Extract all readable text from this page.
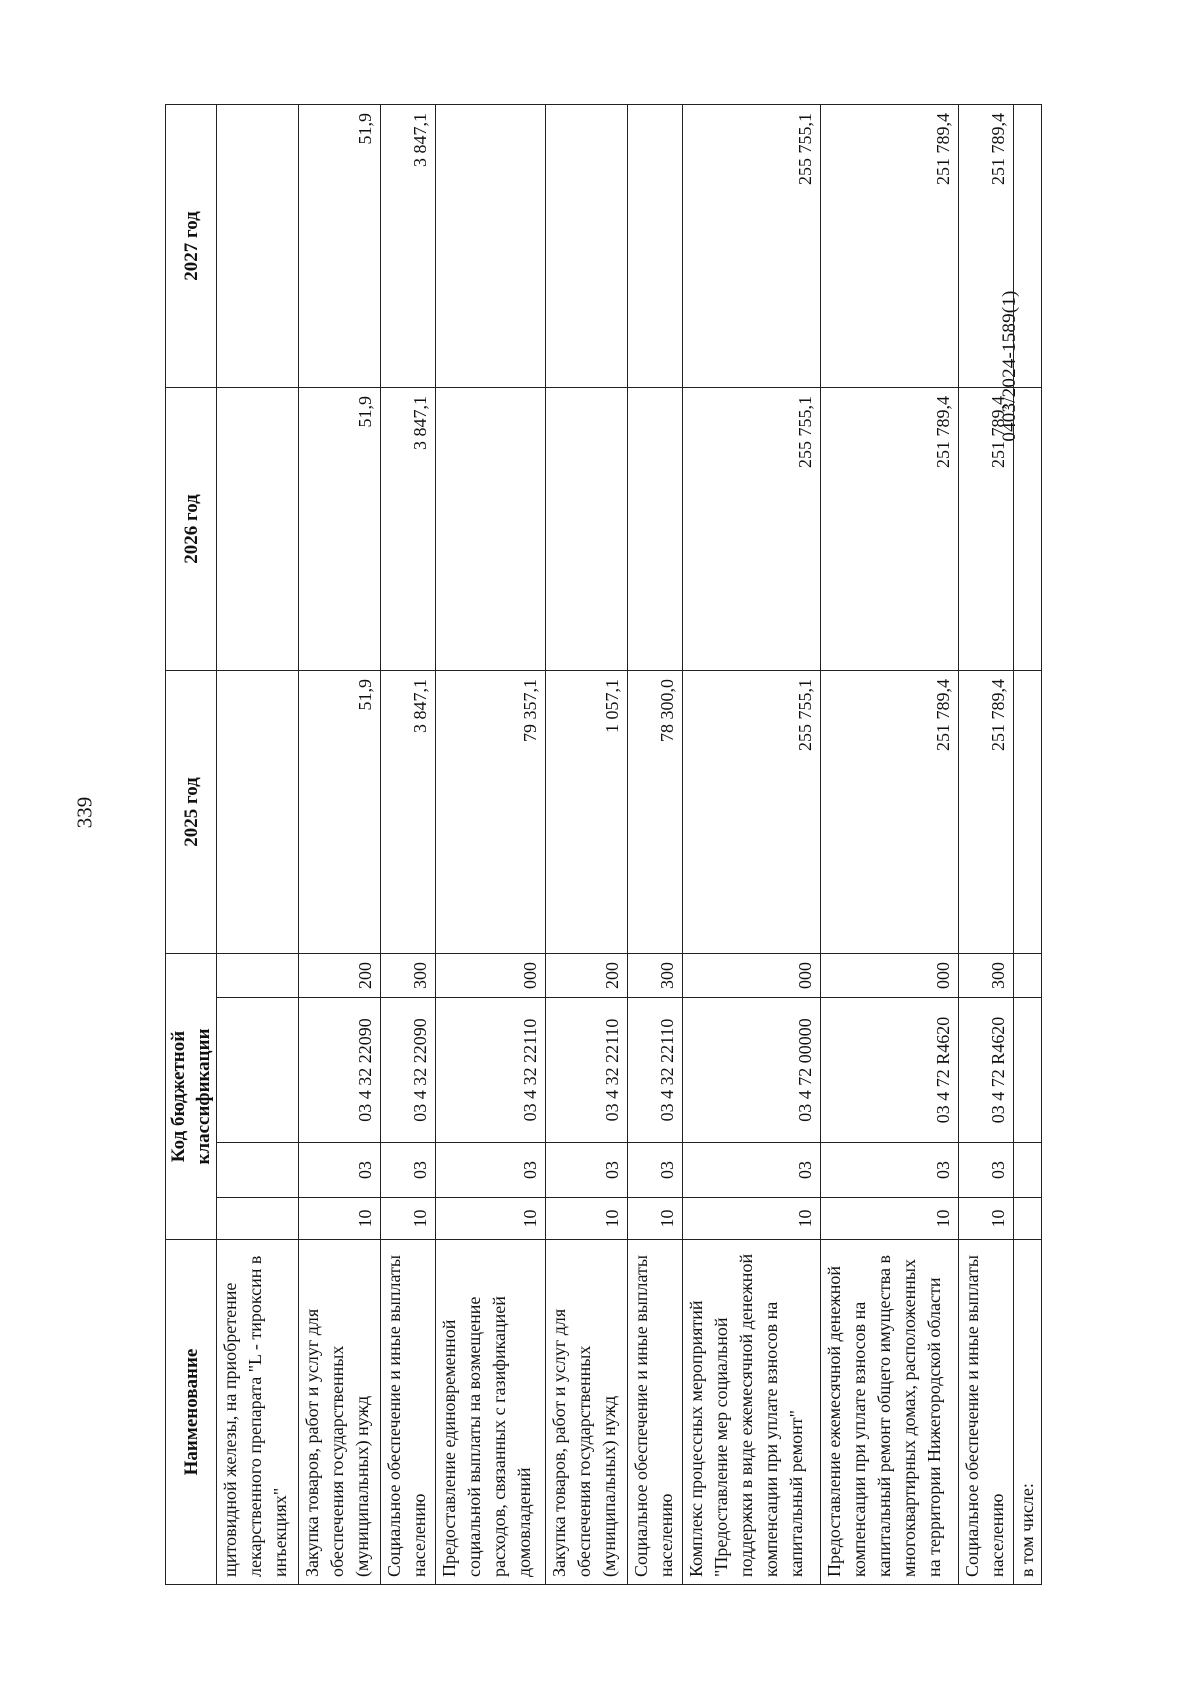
339
0403/2024-1589(1)
Наименование	Код бюджетной классификации				2025 год	2026 год	2027 год
щитовидной железы, на приобретение лекарственного препарата "L - тироксин в инъекциях"							
Закупка товаров, работ и услуг для обеспечения государственных (муниципальных) нужд	10	03	03 4 32 22090	200	51,9	51,9	51,9
Социальное обеспечение и иные выплаты населению	10	03	03 4 32 22090	300	3 847,1	3 847,1	3 847,1
Предоставление единовременной социальной выплаты на возмещение расходов, связанных с газификацией домовладений	10	03	03 4 32 22110	000	79 357,1		
Закупка товаров, работ и услуг для обеспечения государственных (муниципальных) нужд	10	03	03 4 32 22110	200	1 057,1		
Социальное обеспечение и иные выплаты населению	10	03	03 4 32 22110	300	78 300,0		
Комплекс процессных мероприятий "Предоставление мер социальной поддержки в виде ежемесячной денежной компенсации при уплате взносов на капитальный ремонт"	10	03	03 4 72 00000	000	255 755,1	255 755,1	255 755,1
Предоставление ежемесячной денежной компенсации при уплате взносов на капитальный ремонт общего имущества в многоквартирных домах, расположенных на территории Нижегородской области	10	03	03 4 72 R4620	000	251 789,4	251 789,4	251 789,4
Социальное обеспечение и иные выплаты населению	10	03	03 4 72 R4620	300	251 789,4	251 789,4	251 789,4
в том числе:							
